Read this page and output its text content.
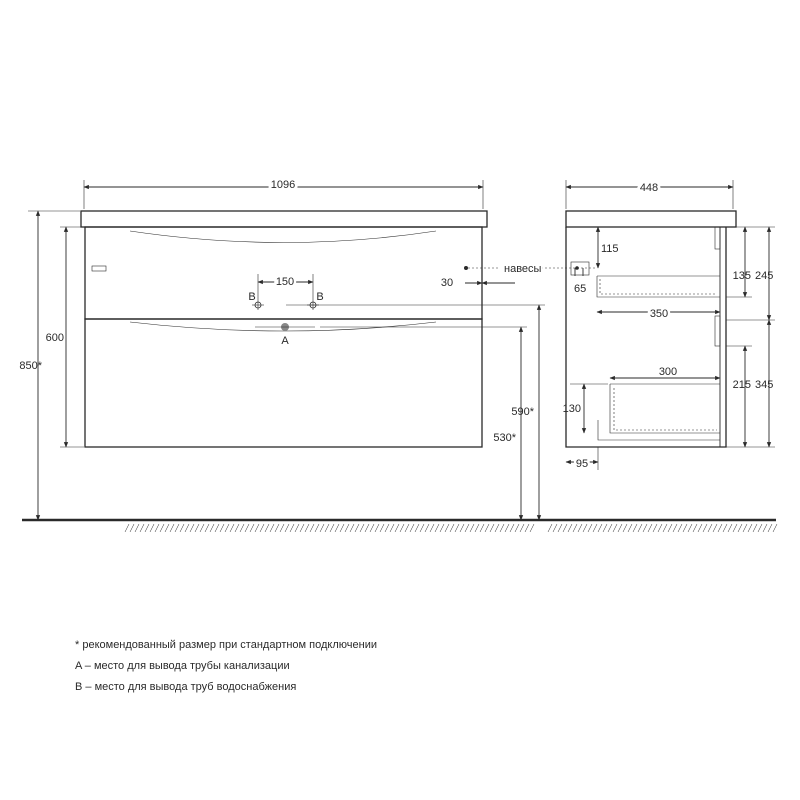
1096
850*
600
590*
530*
150	30
A
B	B
навесы
448
115
135 245
65
350
300
215 345
130
95
* рекомендованный размер при стандартном подключении
A – место для вывода трубы канализации
B – место для вывода труб водоснабжения
